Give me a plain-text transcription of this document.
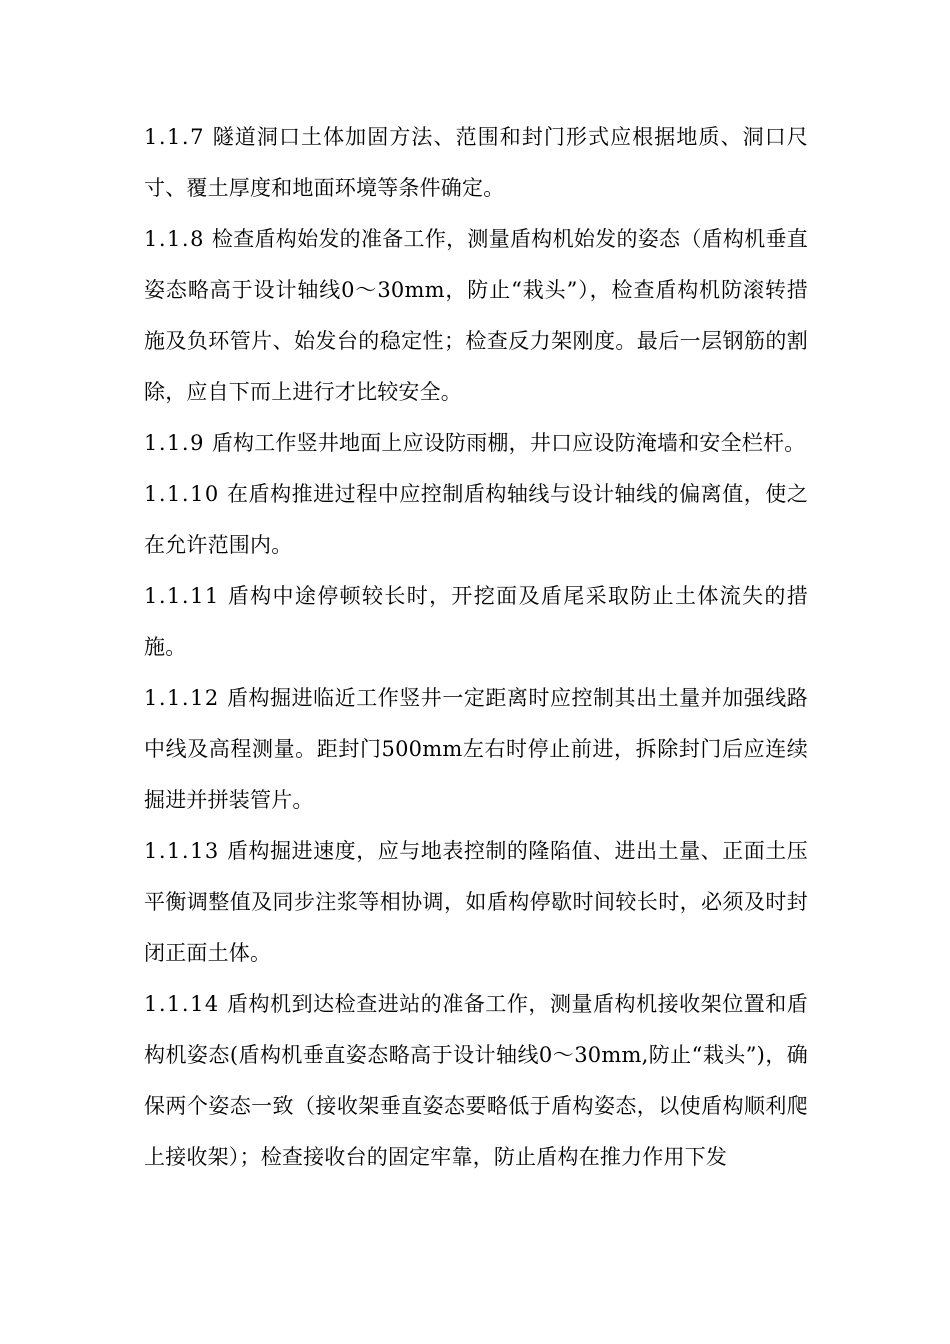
1.1.7 隧道洞口土体加固方法、范围和封门形式应根据地质、洞口尺寸、覆土厚度和地面环境等条件确定。

1.1.8 检查盾构始发的准备工作，测量盾构机始发的姿态（盾构机垂直姿态略高于设计轴线0～30mm，防止“栽头”），检查盾构机防滚转措施及负环管片、始发台的稳定性；检查反力架刚度。最后一层钢筋的割除，应自下而上进行才比较安全。

1.1.9 盾构工作竖井地面上应设防雨棚，井口应设防淹墙和安全栏杆。

1.1.10 在盾构推进过程中应控制盾构轴线与设计轴线的偏离值，使之在允许范围内。

1.1.11 盾构中途停顿较长时，开挖面及盾尾采取防止土体流失的措施。

1.1.12 盾构掘进临近工作竖井一定距离时应控制其出土量并加强线路中线及高程测量。距封门500mm左右时停止前进，拆除封门后应连续掘进并拼装管片。

1.1.13 盾构掘进速度，应与地表控制的隆陷值、进出土量、正面土压平衡调整值及同步注浆等相协调，如盾构停歇时间较长时，必须及时封闭正面土体。

1.1.14 盾构机到达检查进站的准备工作，测量盾构机接收架位置和盾构机姿态(盾构机垂直姿态略高于设计轴线0～30mm,防止“栽头”)，确保两个姿态一致（接收架垂直姿态要略低于盾构姿态，以使盾构顺利爬上接收架）；检查接收台的固定牢靠，防止盾构在推力作用下发
